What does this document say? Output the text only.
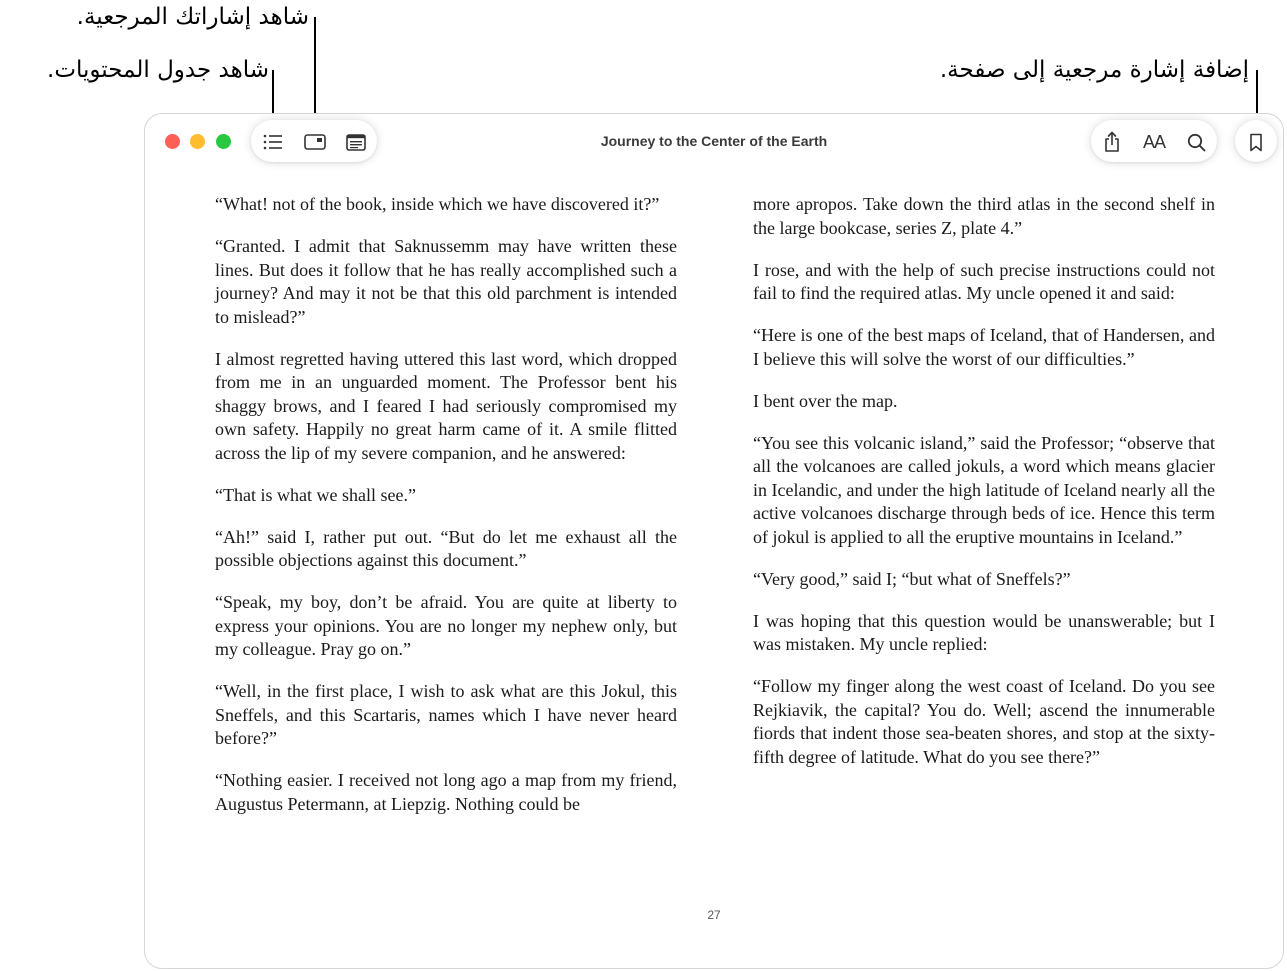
شاهد إشاراتك المرجعية.
شاهد جدول المحتويات.	إضافة إشارة مرجعية إلى صفحة.
Journey to the Center of the Earth	AA

“What! not of the book, inside which we have discovered it?”

“Granted. I admit that Saknussemm may have written these lines. But does it follow that he has really accomplished such a journey? And may it not be that this old parchment is intended to mislead?”

I almost regretted having uttered this last word, which dropped from me in an unguarded moment. The Professor bent his shaggy brows, and I feared I had seriously compromised my own safety. Happily no great harm came of it. A smile flitted across the lip of my severe companion, and he answered:

“That is what we shall see.”

“Ah!” said I, rather put out. “But do let me exhaust all the possible objections against this document.”

“Speak, my boy, don’t be afraid. You are quite at liberty to express your opinions. You are no longer my nephew only, but my colleague. Pray go on.”

“Well, in the first place, I wish to ask what are this Jokul, this Sneffels, and this Scartaris, names which I have never heard before?”

“Nothing easier. I received not long ago a map from my friend, Augustus Petermann, at Liepzig. Nothing could be

more apropos. Take down the third atlas in the second shelf in the large bookcase, series Z, plate 4.”

I rose, and with the help of such precise instructions could not fail to find the required atlas. My uncle opened it and said:

“Here is one of the best maps of Iceland, that of Handersen, and I believe this will solve the worst of our difficulties.”

I bent over the map.

“You see this volcanic island,” said the Professor; “observe that all the volcanoes are called jokuls, a word which means glacier in Icelandic, and under the high latitude of Iceland nearly all the active volcanoes discharge through beds of ice. Hence this term of jokul is applied to all the eruptive mountains in Iceland.”

“Very good,” said I; “but what of Sneffels?”

I was hoping that this question would be unanswerable; but I was mistaken. My uncle replied:

“Follow my finger along the west coast of Iceland. Do you see Rejkiavik, the capital? You do. Well; ascend the innumerable fiords that indent those sea-beaten shores, and stop at the sixty-fifth degree of latitude. What do you see there?”

27
